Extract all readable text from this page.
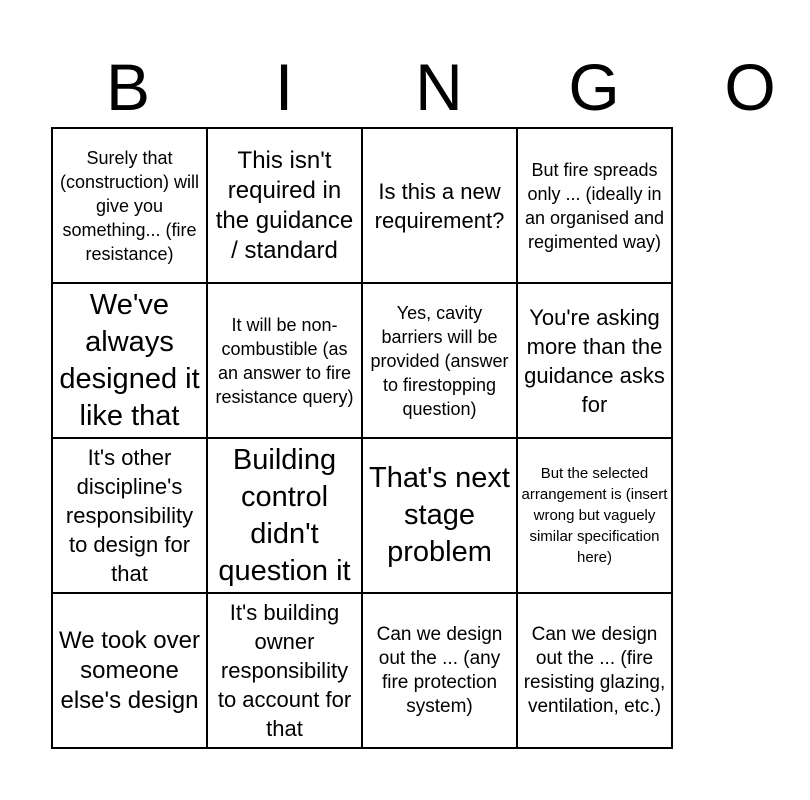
B	I	N	G	O
Surely that (construction) will give you something... (fire resistance)	This isn't required in the guidance / standard	Is this a new requirement?	But fire spreads only ... (ideally in an organised and regimented way)

We've always designed it like that	It will be non-combustible (as an answer to fire resistance query)	Yes, cavity barriers will be provided (answer to firestopping question)	You're asking more than the guidance asks for

It's other discipline's responsibility to design for that	Building control didn't question it	That's next stage problem	But the selected arrangement is (insert wrong but vaguely similar specification here)

We took over someone else's design	It's building owner responsibility to account for that	Can we design out the ... (any fire protection system)	Can we design out the ... (fire resisting glazing, ventilation, etc.)
